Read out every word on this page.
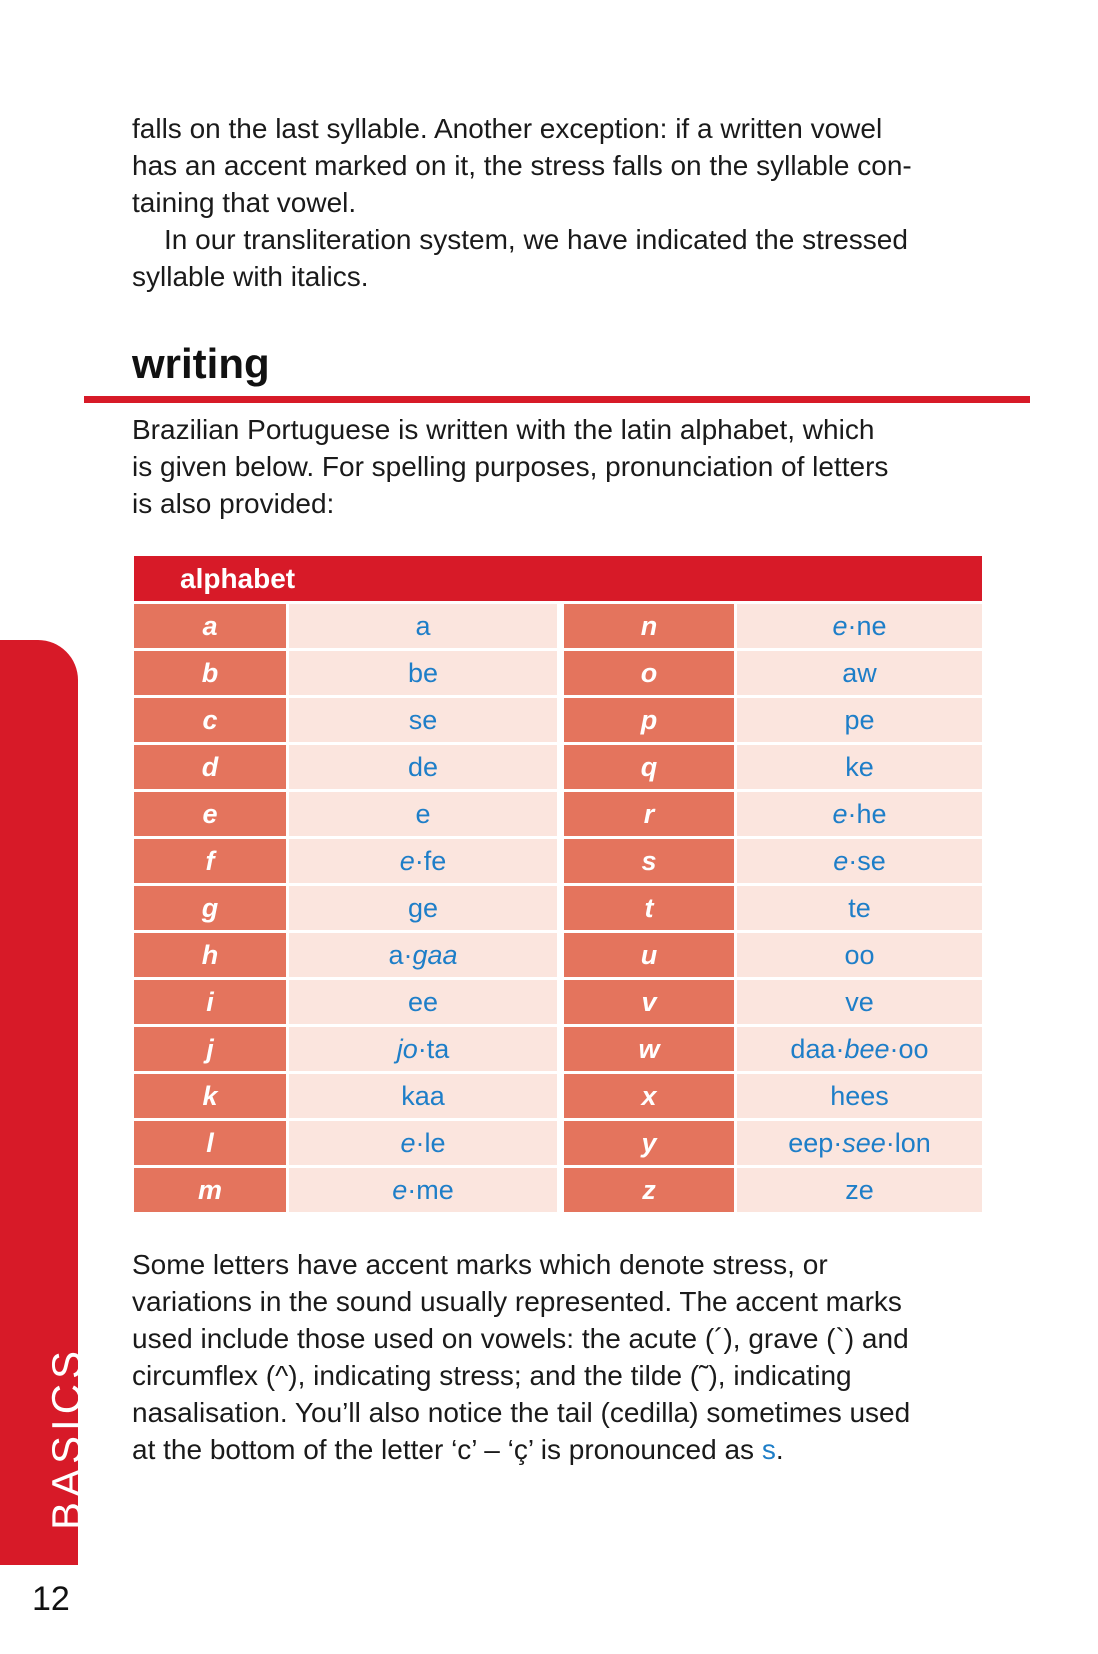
falls on the last syllable. Another exception: if a written vowel
has an accent marked on it, the stress falls on the syllable con-
taining that vowel.
In our transliteration system, we have indicated the stressed
syllable with italics.
writing
Brazilian Portuguese is written with the latin alphabet, which
is given below. For spelling purposes, pronunciation of letters
is also provided:
alphabet
a	a	n	e·ne
b	be	o	aw
c	se	p	pe
d	de	q	ke
e	e	r	e·he
f	e·fe	s	e·se
g	ge	t	te
h	a·gaa	u	oo
i	ee	v	ve
j	jo·ta	w	daa·bee·oo
k	kaa	x	hees
l	e·le	y	eep·see·lon
m	e·me	z	ze
Some letters have accent marks which denote stress, or
variations in the sound usually represented. The accent marks
used include those used on vowels: the acute (´), grave (`) and
circumflex (^), indicating stress; and the tilde (˜), indicating
nasalisation. You’ll also notice the tail (cedilla) sometimes used
at the bottom of the letter ‘c’ – ‘ç’ is pronounced as s.
BASICS
12
